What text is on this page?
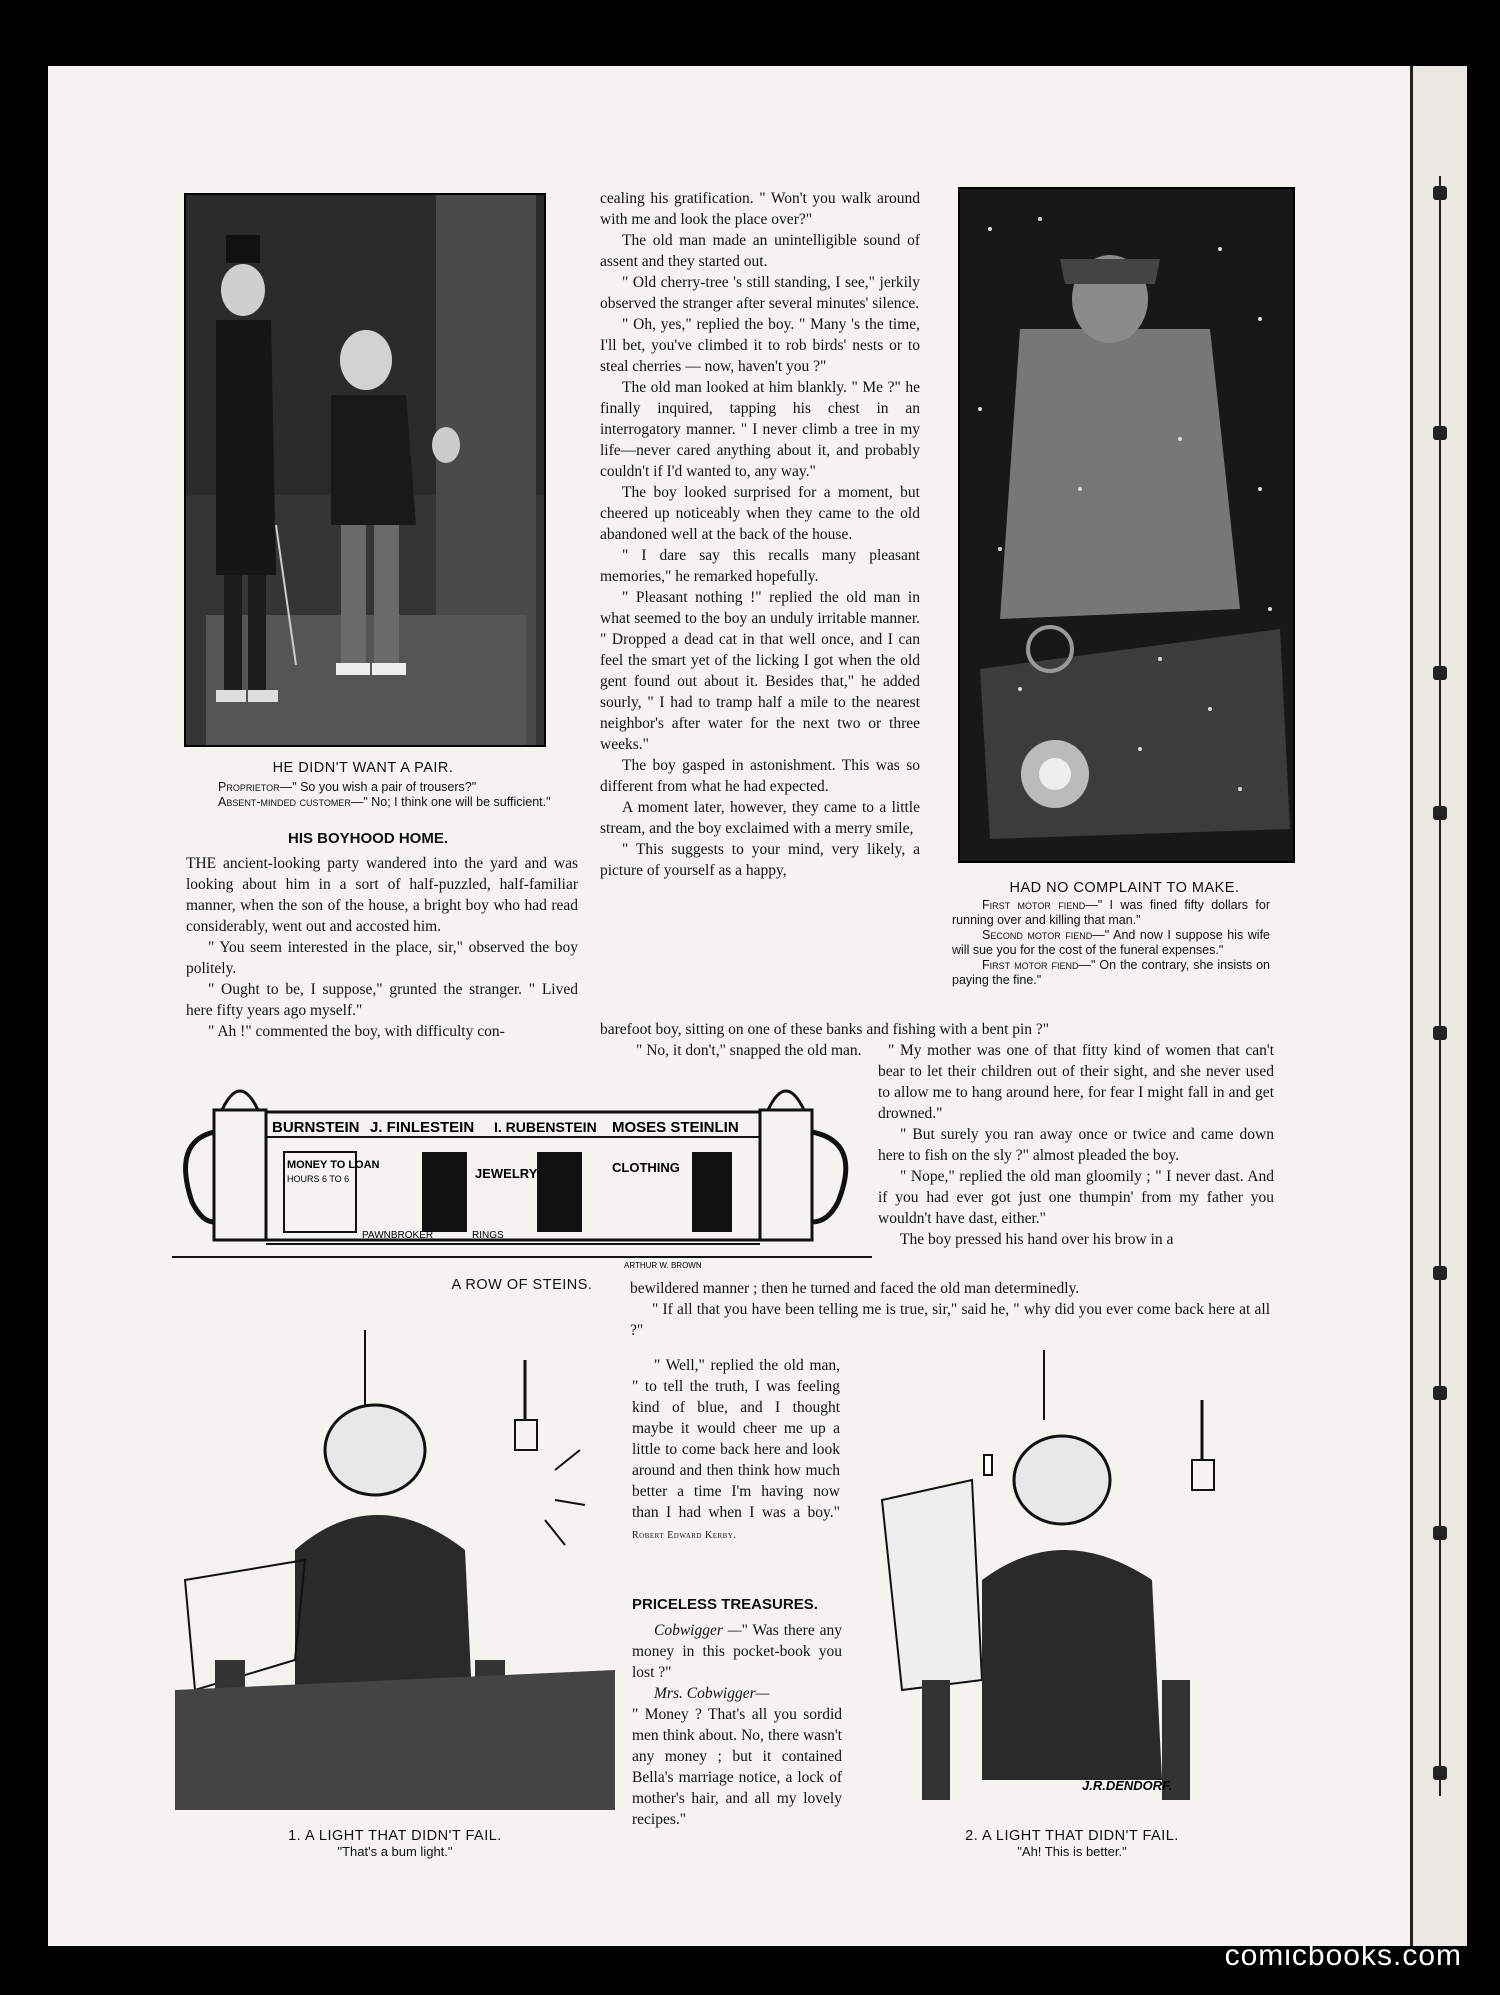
HE DIDN'T WANT A PAIR.

Proprietor—" So you wish a pair of trousers?"

Absent-minded customer—" No; I think one will be sufficient."

HIS BOYHOOD HOME.

THE ancient-looking party wandered into the yard and was looking about him in a sort of half-puzzled, half-familiar manner, when the son of the house, a bright boy who had read considerably, went out and accosted him.

" You seem interested in the place, sir," observed the boy politely.

" Ought to be, I suppose," grunted the stranger. " Lived here fifty years ago myself."

" Ah !" commented the boy, with difficulty con-

cealing his gratification. " Won't you walk around with me and look the place over?"

The old man made an unintelligible sound of assent and they started out.

" Old cherry-tree 's still standing, I see," jerkily observed the stranger after several minutes' silence.

" Oh, yes," replied the boy. " Many 's the time, I'll bet, you've climbed it to rob birds' nests or to steal cherries — now, haven't you ?"

The old man looked at him blankly. " Me ?" he finally inquired, tapping his chest in an interrogatory manner. " I never climb a tree in my life—never cared anything about it, and probably couldn't if I'd wanted to, any way."

The boy looked surprised for a moment, but cheered up noticeably when they came to the old abandoned well at the back of the house.

" I dare say this recalls many pleasant memories," he remarked hopefully.

" Pleasant nothing !" replied the old man in what seemed to the boy an unduly irritable manner. " Dropped a dead cat in that well once, and I can feel the smart yet of the licking I got when the old gent found out about it. Besides that," he added sourly, " I had to tramp half a mile to the nearest neighbor's after water for the next two or three weeks."

The boy gasped in astonishment. This was so different from what he had expected.

A moment later, however, they came to a little stream, and the boy exclaimed with a merry smile,

" This suggests to your mind, very likely, a picture of yourself as a happy,

HAD NO COMPLAINT TO MAKE.

First motor fiend—" I was fined fifty dollars for running over and killing that man."

Second motor fiend—" And now I suppose his wife will sue you for the cost of the funeral expenses."

First motor fiend—" On the contrary, she insists on paying the fine."

barefoot boy, sitting on one of these banks and fishing with a bent pin ?"
" No, it don't," snapped the old man.	" My mother was one of that fitty kind of women that can't bear to let their children out of their sight, and she never used to allow me to hang around here, for fear I might fall in and get drowned."

" But surely you ran away once or twice and came down here to fish on the sly ?" almost pleaded the boy.

" Nope," replied the old man gloomily ; " I never dast. And if you had ever got just one thumpin' from my father you wouldn't have dast, either."

The boy pressed his hand over his brow in a

BURNSTEIN J. FINLESTEIN I. RUBENSTEIN MOSES STEINLIN
MONEY TO LOAN
HOURS 6 TO 6	JEWELRY	CLOTHING
PAWNBROKER	RINGS
ARTHUR W. BROWN
A ROW OF STEINS.	bewildered manner ; then he turned and faced the old man determinedly.

" If all that you have been telling me is true, sir," said he, " why did you ever come back here at all ?"

" Well," replied the old man, " to tell the truth, I was feeling kind of blue, and I thought maybe it would cheer me up a little to come back here and look around and then think how much better a time I'm having now than I had when I was a boy." Robert Edward Kerby.

PRICELESS TREASURES.

Cobwigger —" Was there any money in this pocket-book you lost ?"

Mrs. Cobwigger—

" Money ? That's all you sordid men think about. No, there wasn't any money ; but it contained Bella's marriage notice, a lock of mother's hair, and all my lovely recipes."

1. A LIGHT THAT DIDN'T FAIL.
"That's a bum light."
J.R.DENDORF.
2. A LIGHT THAT DIDN'T FAIL.
"Ah! This is better."
comicbooks.com
